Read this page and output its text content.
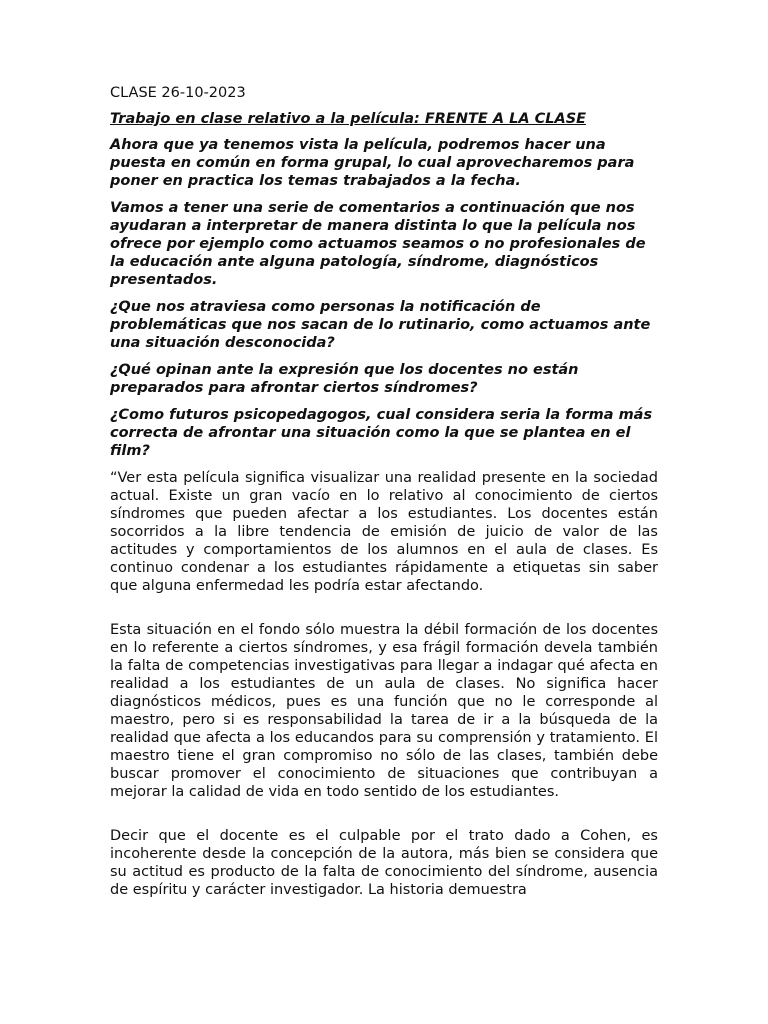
CLASE 26-10-2023

Trabajo en clase relativo a la película: FRENTE A LA CLASE

Ahora que ya tenemos vista la película, podremos hacer una puesta en común en forma grupal, lo cual aprovecharemos para poner en practica los temas trabajados a la fecha.

Vamos a tener una serie de comentarios a continuación que nos ayudaran a interpretar de manera distinta lo que la película nos ofrece por ejemplo como actuamos seamos o no profesionales de la educación ante alguna patología, síndrome, diagnósticos presentados.

¿Que nos atraviesa como personas la notificación de problemáticas que nos sacan de lo rutinario, como actuamos ante una situación desconocida?

¿Qué opinan ante la expresión que los docentes no están preparados para afrontar ciertos síndromes?

¿Como futuros psicopedagogos, cual considera seria la forma más correcta de afrontar una situación como la que se plantea en el film?

“Ver esta película significa visualizar una realidad presente en la sociedad actual. Existe un gran vacío en lo relativo al conocimiento de ciertos síndromes que pueden afectar a los estudiantes. Los docentes están socorridos a la libre tendencia de emisión de juicio de valor de las actitudes y comportamientos de los alumnos en el aula de clases. Es continuo condenar a los estudiantes rápidamente a etiquetas sin saber que alguna enfermedad les podría estar afectando.

Esta situación en el fondo sólo muestra la débil formación de los docentes en lo referente a ciertos síndromes, y esa frágil formación devela también la falta de competencias investigativas para llegar a indagar qué afecta en realidad a los estudiantes de un aula de clases. No significa hacer diagnósticos médicos, pues es una función que no le corresponde al maestro, pero si es responsabilidad la tarea de ir a la búsqueda de la realidad que afecta a los educandos para su comprensión y tratamiento. El maestro tiene el gran compromiso no sólo de las clases, también debe buscar promover el conocimiento de situaciones que contribuyan a mejorar la calidad de vida en todo sentido de los estudiantes.

Decir que el docente es el culpable por el trato dado a Cohen, es incoherente desde la concepción de la autora, más bien se considera que su actitud es producto de la falta de conocimiento del síndrome, ausencia de espíritu y carácter investigador. La historia demuestra
